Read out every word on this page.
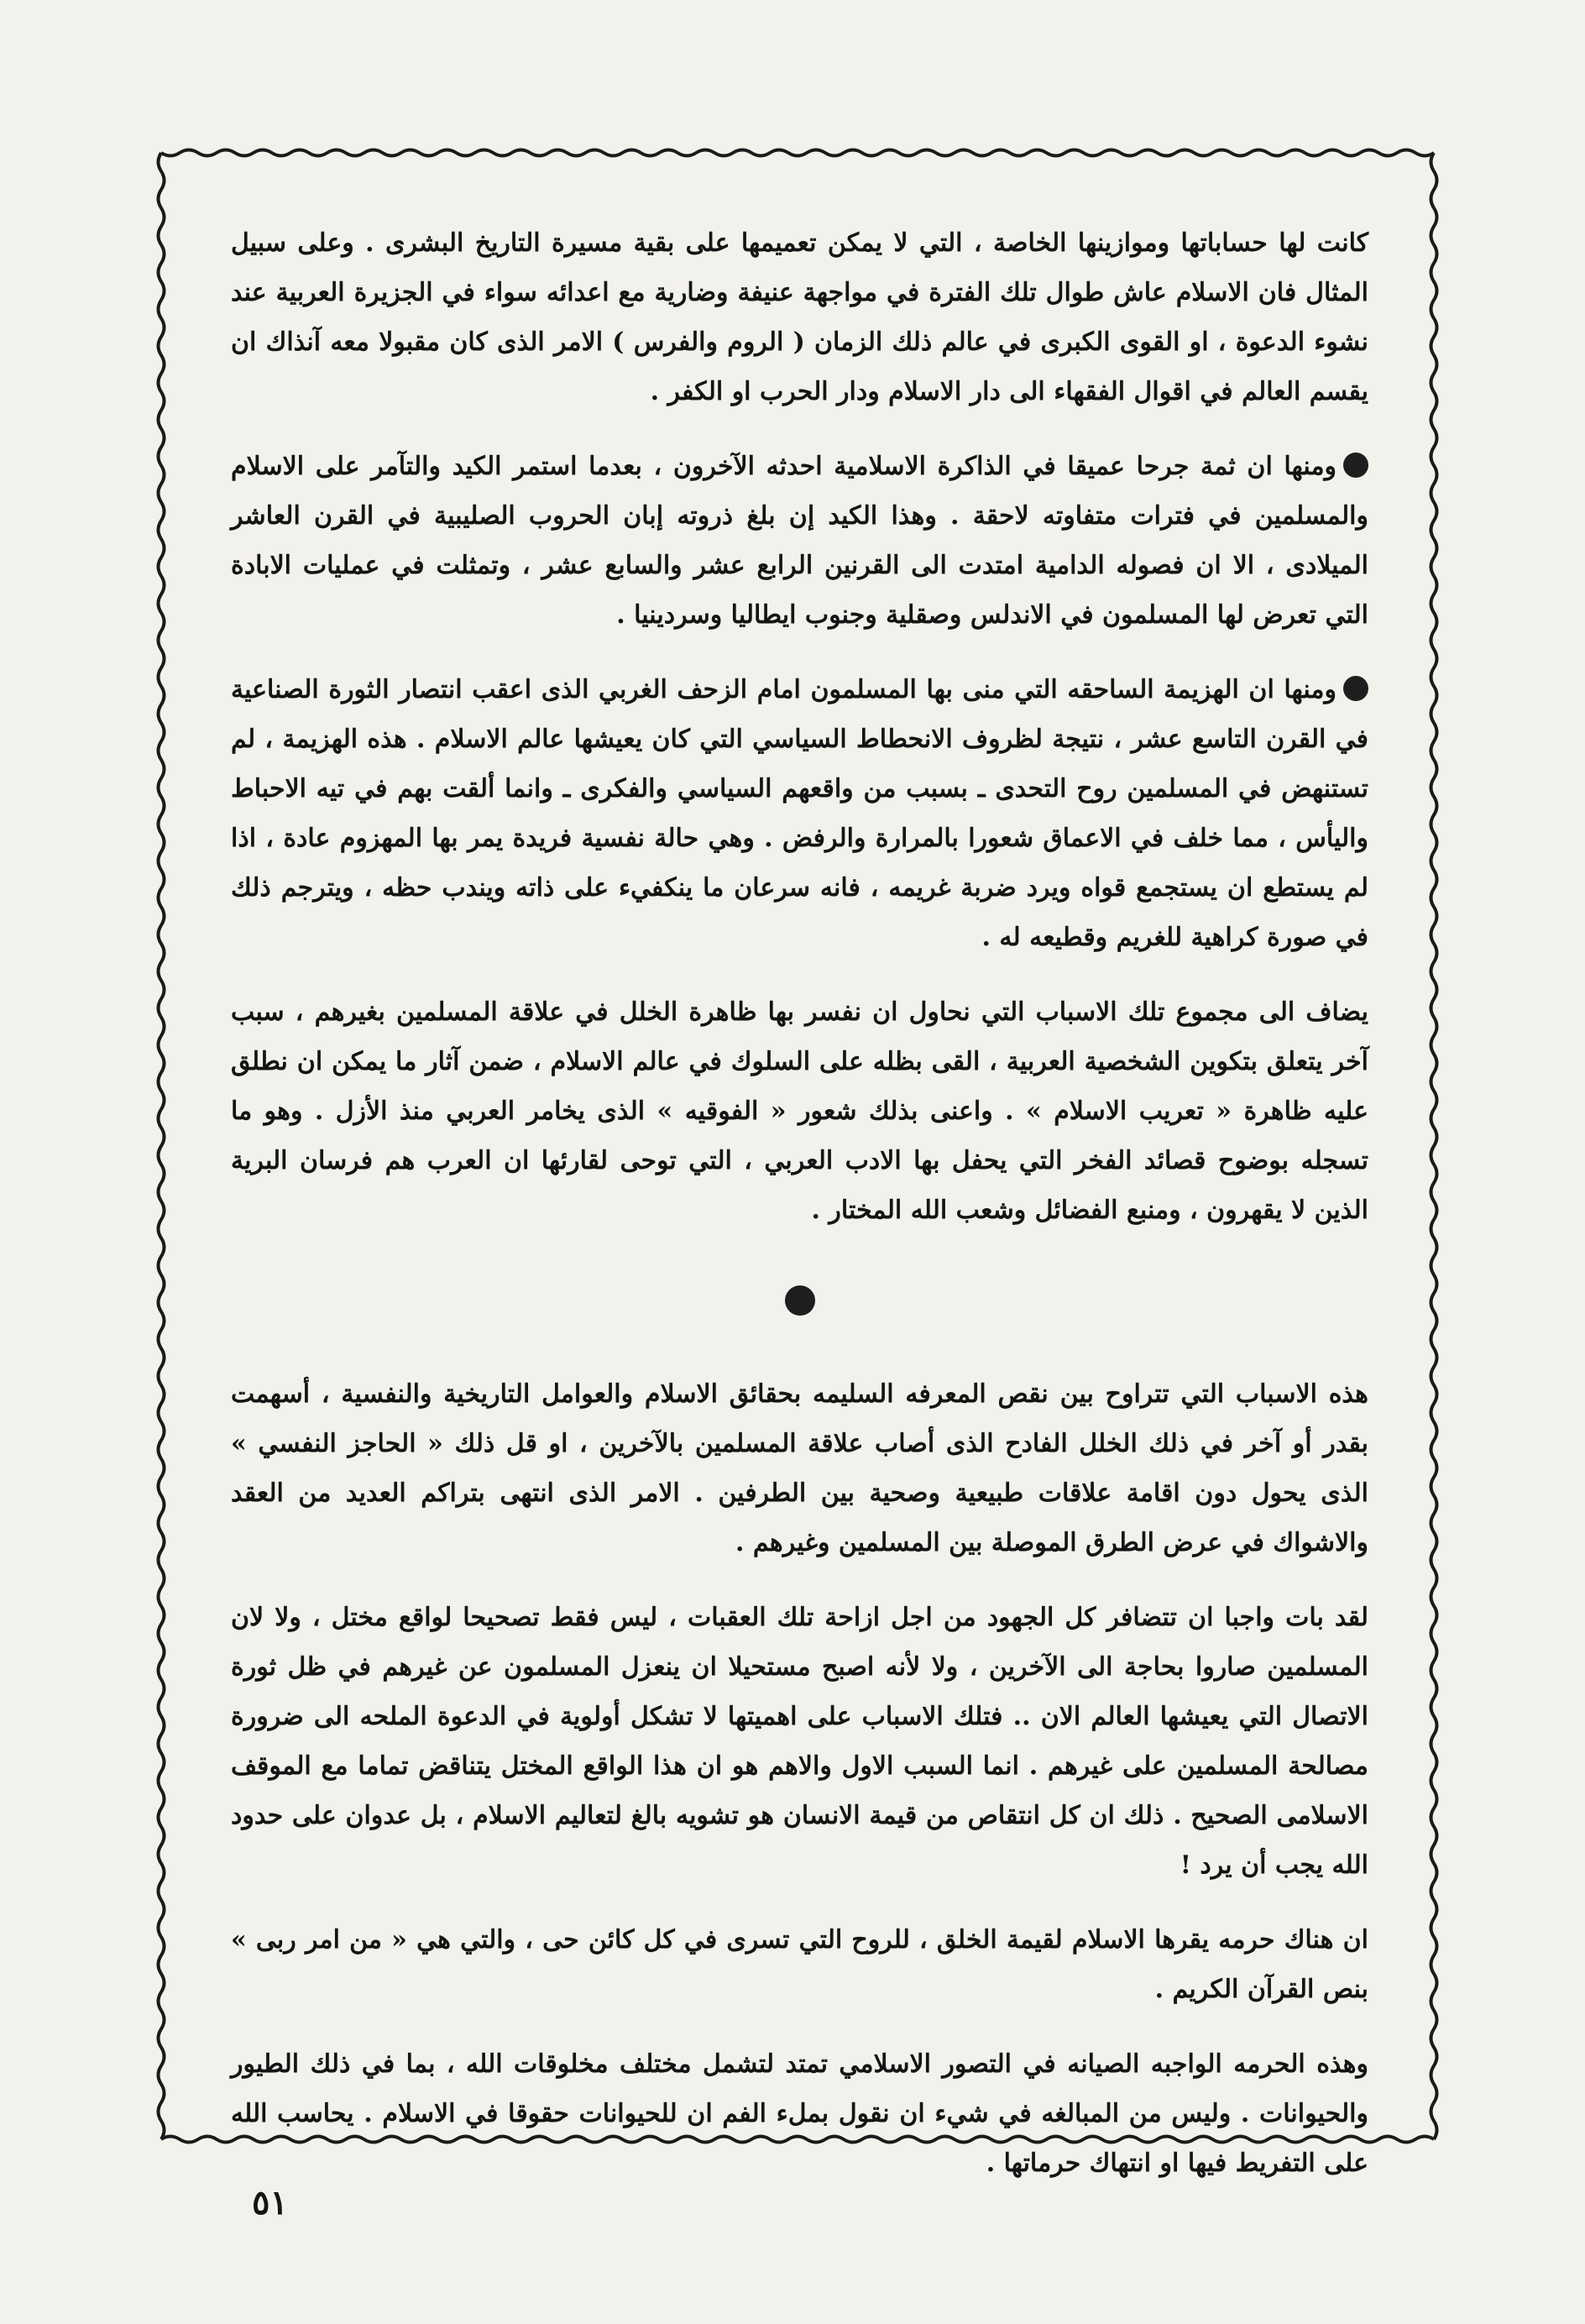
كانت لها حساباتها وموازينها الخاصة ، التي لا يمكن تعميمها على بقية مسيرة التاريخ البشرى . وعلى سبيل المثال فان الاسلام عاش طوال تلك الفترة في مواجهة عنيفة وضارية مع اعدائه سواء في الجزيرة العربية عند نشوء الدعوة ، او القوى الكبرى في عالم ذلك الزمان ( الروم والفرس ) الامر الذى كان مقبولا معه آنذاك ان يقسم العالم في اقوال الفقهاء الى دار الاسلام ودار الحرب او الكفر .

ومنها ان ثمة جرحا عميقا في الذاكرة الاسلامية احدثه الآخرون ، بعدما استمر الكيد والتآمر على الاسلام والمسلمين في فترات متفاوته لاحقة . وهذا الكيد إن بلغ ذروته إبان الحروب الصليبية في القرن العاشر الميلادى ، الا ان فصوله الدامية امتدت الى القرنين الرابع عشر والسابع عشر ، وتمثلت في عمليات الابادة التي تعرض لها المسلمون في الاندلس وصقلية وجنوب ايطاليا وسردينيا .

ومنها ان الهزيمة الساحقه التي منى بها المسلمون امام الزحف الغربي الذى اعقب انتصار الثورة الصناعية في القرن التاسع عشر ، نتيجة لظروف الانحطاط السياسي التي كان يعيشها عالم الاسلام . هذه الهزيمة ، لم تستنهض في المسلمين روح التحدى ـ بسبب من واقعهم السياسي والفكرى ـ وانما ألقت بهم في تيه الاحباط واليأس ، مما خلف في الاعماق شعورا بالمرارة والرفض . وهي حالة نفسية فريدة يمر بها المهزوم عادة ، اذا لم يستطع ان يستجمع قواه ويرد ضربة غريمه ، فانه سرعان ما ينكفيء على ذاته ويندب حظه ، ويترجم ذلك في صورة كراهية للغريم وقطيعه له .

يضاف الى مجموع تلك الاسباب التي نحاول ان نفسر بها ظاهرة الخلل في علاقة المسلمين بغيرهم ، سبب آخر يتعلق بتكوين الشخصية العربية ، القى بظله على السلوك في عالم الاسلام ، ضمن آثار ما يمكن ان نطلق عليه ظاهرة « تعريب الاسلام » . واعنى بذلك شعور « الفوقيه » الذى يخامر العربي منذ الأزل . وهو ما تسجله بوضوح قصائد الفخر التي يحفل بها الادب العربي ، التي توحى لقارئها ان العرب هم فرسان البرية الذين لا يقهرون ، ومنبع الفضائل وشعب الله المختار .

هذه الاسباب التي تتراوح بين نقص المعرفه السليمه بحقائق الاسلام والعوامل التاريخية والنفسية ، أسهمت بقدر أو آخر في ذلك الخلل الفادح الذى أصاب علاقة المسلمين بالآخرين ، او قل ذلك « الحاجز النفسي » الذى يحول دون اقامة علاقات طبيعية وصحية بين الطرفين . الامر الذى انتهى بتراكم العديد من العقد والاشواك في عرض الطرق الموصلة بين المسلمين وغيرهم .

لقد بات واجبا ان تتضافر كل الجهود من اجل ازاحة تلك العقبات ، ليس فقط تصحيحا لواقع مختل ، ولا لان المسلمين صاروا بحاجة الى الآخرين ، ولا لأنه اصبح مستحيلا ان ينعزل المسلمون عن غيرهم في ظل ثورة الاتصال التي يعيشها العالم الان .. فتلك الاسباب على اهميتها لا تشكل أولوية في الدعوة الملحه الى ضرورة مصالحة المسلمين على غيرهم . انما السبب الاول والاهم هو ان هذا الواقع المختل يتناقض تماما مع الموقف الاسلامى الصحيح . ذلك ان كل انتقاص من قيمة الانسان هو تشويه بالغ لتعاليم الاسلام ، بل عدوان على حدود الله يجب أن يرد !

ان هناك حرمه يقرها الاسلام لقيمة الخلق ، للروح التي تسرى في كل كائن حى ، والتي هي « من امر ربى » بنص القرآن الكريم .

وهذه الحرمه الواجبه الصيانه في التصور الاسلامي تمتد لتشمل مختلف مخلوقات الله ، بما في ذلك الطيور والحيوانات . وليس من المبالغه في شيء ان نقول بملء الفم ان للحيوانات حقوقا في الاسلام . يحاسب الله على التفريط فيها او انتهاك حرماتها .

٥١
